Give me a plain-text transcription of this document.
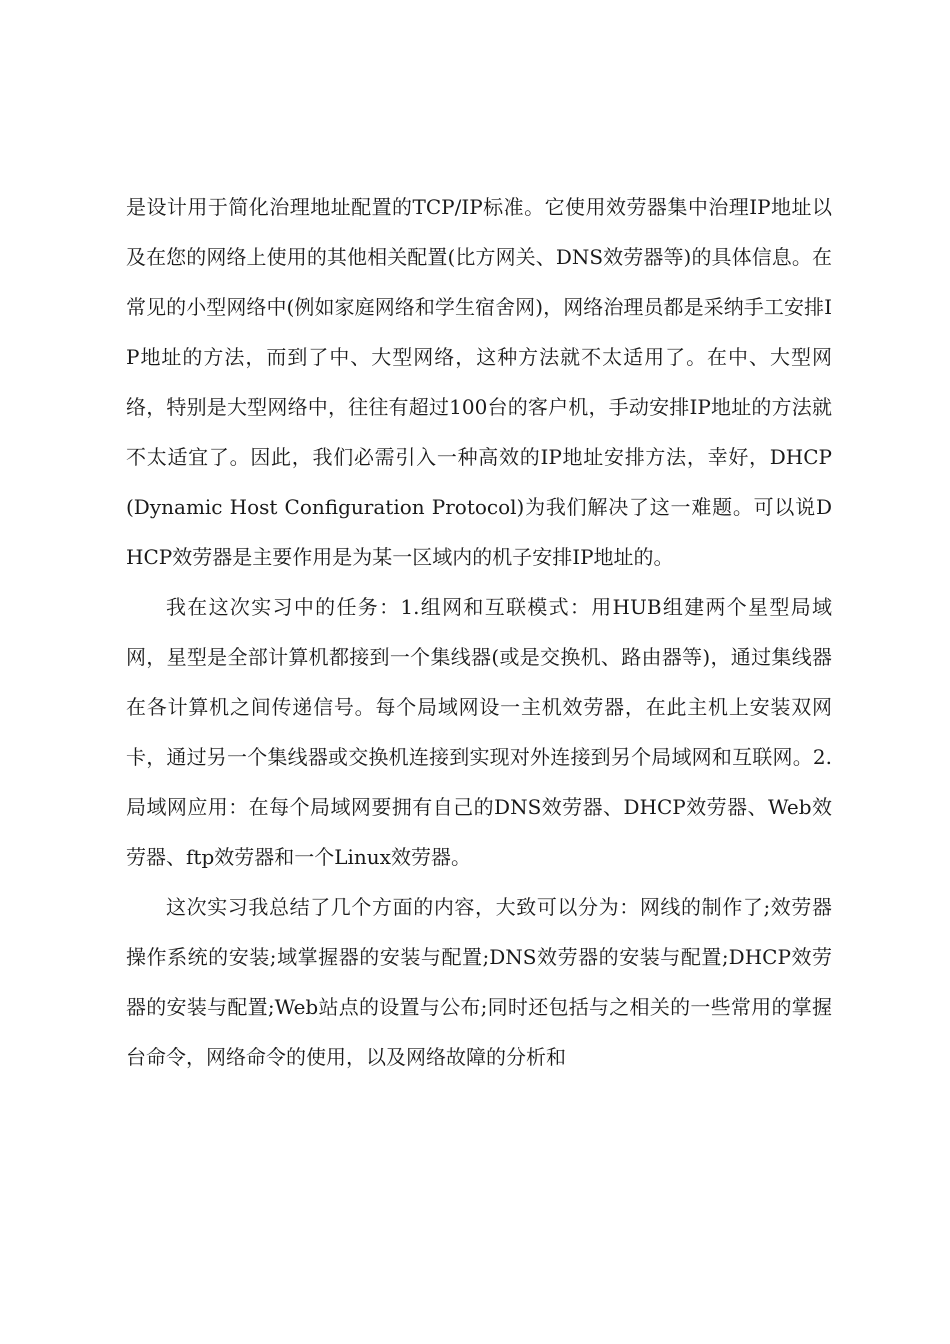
是设计用于简化治理地址配置的TCP/IP标准。它使用效劳器集中治理IP地址以及在您的网络上使用的其他相关配置(比方网关、DNS效劳器等)的具体信息。在常见的小型网络中(例如家庭网络和学生宿舍网)，网络治理员都是采纳手工安排IP地址的方法，而到了中、大型网络，这种方法就不太适用了。在中、大型网络，特别是大型网络中，往往有超过100台的客户机，手动安排IP地址的方法就不太适宜了。因此，我们必需引入一种高效的IP地址安排方法，幸好，DHCP(Dynamic Host Configuration Protocol)为我们解决了这一难题。可以说DHCP效劳器是主要作用是为某一区域内的机子安排IP地址的。

我在这次实习中的任务：1.组网和互联模式：用HUB组建两个星型局域网，星型是全部计算机都接到一个集线器(或是交换机、路由器等)，通过集线器在各计算机之间传递信号。每个局域网设一主机效劳器，在此主机上安装双网卡，通过另一个集线器或交换机连接到实现对外连接到另个局域网和互联网。2.局域网应用：在每个局域网要拥有自己的DNS效劳器、DHCP效劳器、Web效劳器、ftp效劳器和一个Linux效劳器。

这次实习我总结了几个方面的内容，大致可以分为：网线的制作了;效劳器操作系统的安装;域掌握器的安装与配置;DNS效劳器的安装与配置;DHCP效劳器的安装与配置;Web站点的设置与公布;同时还包括与之相关的一些常用的掌握台命令，网络命令的使用，以及网络故障的分析和
